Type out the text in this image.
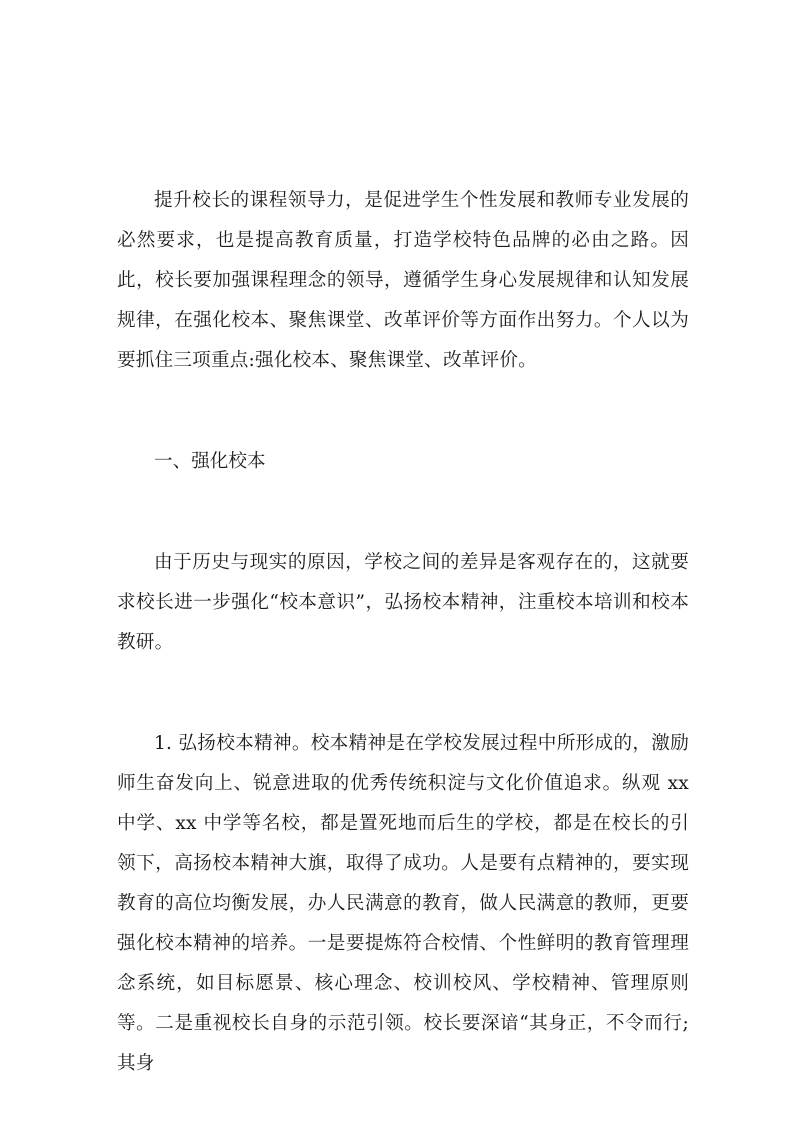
提升校长的课程领导力，是促进学生个性发展和教师专业发展的必然要求，也是提高教育质量，打造学校特色品牌的必由之路。因此，校长要加强课程理念的领导，遵循学生身心发展规律和认知发展规律，在强化校本、聚焦课堂、改革评价等方面作出努力。个人以为要抓住三项重点:强化校本、聚焦课堂、改革评价。

一、强化校本

由于历史与现实的原因，学校之间的差异是客观存在的，这就要求校长进一步强化“校本意识”，弘扬校本精神，注重校本培训和校本教研。

1. 弘扬校本精神。校本精神是在学校发展过程中所形成的，激励师生奋发向上、锐意进取的优秀传统积淀与文化价值追求。纵观 xx 中学、xx 中学等名校，都是置死地而后生的学校，都是在校长的引领下，高扬校本精神大旗，取得了成功。人是要有点精神的，要实现教育的高位均衡发展，办人民满意的教育，做人民满意的教师，更要强化校本精神的培养。一是要提炼符合校情、个性鲜明的教育管理理念系统，如目标愿景、核心理念、校训校风、学校精神、管理原则等。二是重视校长自身的示范引领。校长要深谙“其身正，不令而行;其身
